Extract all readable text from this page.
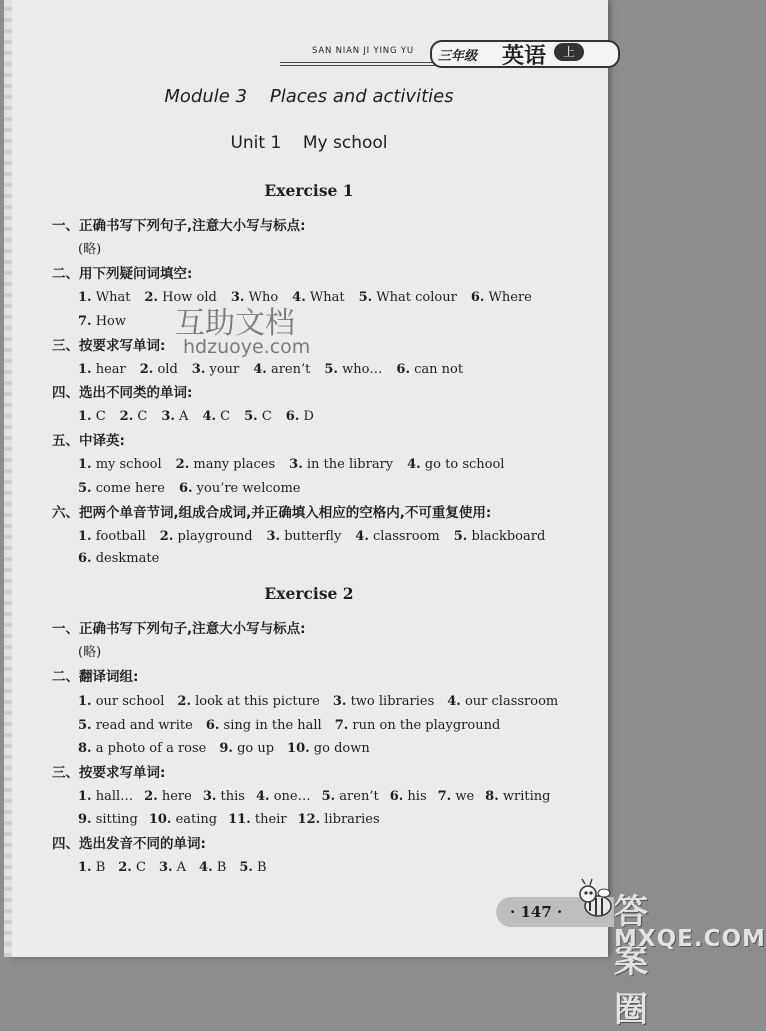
SAN NIAN JI YING YU 三年级 英语	上
Module 3    Places and activities
Unit 1    My school
Exercise 1
一、正确书写下列句子,注意大小写与标点:
(略)
二、用下列疑问词填空:
1. What 2. How old 3. Who 4. What 5. What colour 6. Where
7. How
三、按要求写单词:
1. hear 2. old 3. your 4. aren’t 5. who… 6. can not
四、选出不同类的单词:
1. C 2. C 3. A 4. C 5. C 6. D
五、中译英:
1. my school 2. many places 3. in the library 4. go to school
5. come here 6. you’re welcome
六、把两个单音节词,组成合成词,并正确填入相应的空格内,不可重复使用:
1. football 2. playground 3. butterfly 4. classroom 5. blackboard
6. deskmate
Exercise 2
一、正确书写下列句子,注意大小写与标点:
(略)
二、翻译词组:
1. our school 2. look at this picture 3. two libraries 4. our classroom
5. read and write 6. sing in the hall 7. run on the playground
8. a photo of a rose 9. go up 10. go down
三、按要求写单词:
1. hall… 2. here 3. this 4. one… 5. aren’t 6. his 7. we 8. writing
9. sitting 10. eating 11. their 12. libraries
四、选出发音不同的单词:
1. B 2. C 3. A 4. B 5. B
互助文档
hdzuoye.com
· 147 · 答案圈
MXQE.COM
